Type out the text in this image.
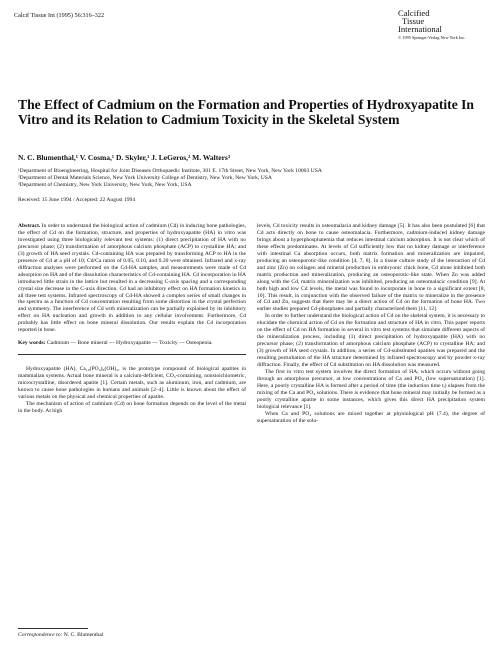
Calcif Tissue Int (1995) 56:316–322	Calcified
Tissue
International
© 1995 Springer-Verlag New York Inc.
The Effect of Cadmium on the Formation and Properties of Hydroxyapatite In Vitro and its Relation to Cadmium Toxicity in the Skeletal System
N. C. Blumenthal,¹ V. Cosma,¹ D. Skyler,¹ J. LeGeros,² M. Walters³
¹Department of Bioengineering, Hospital for Joint Diseases Orthopaedic Institute, 301 E. 17th Street, New York, New York 10003 USA
²Department of Dental Materials Science, New York University College of Dentistry, New York, New York, USA
³Department of Chemistry, New York University, New York, New York, USA
Received: 15 June 1994 / Accepted: 22 August 1994

Abstract. In order to understand the biological action of cadmium (Cd) in inducing bone pathologies, the effect of Cd on the formation, structure, and properties of hydroxyapatite (HA) in vitro was investigated using three biologically relevant test systems: (1) direct precipitation of HA with no precursor phase; (2) transformation of amorphous calcium phosphate (ACP) to crystalline HA; and (3) growth of HA seed crystals. Cd-containing HA was prepared by transforming ACP to HA in the presence of Cd at a pH of 10; Cd/Ca ratios of 0.05, 0.10, and 0.20 were obtained. Infrared and x-ray diffraction analyses were performed on the Cd-HA samples, and measurements were made of Cd adsorption on HA and of the dissolution characteristics of Cd-containing HA. Cd incorporation in HA introduced little strain in the lattice but resulted in a decreasing C-axis spacing and a corresponding crystal size decrease in the C-axis direction. Cd had an inhibitory effect on HA formation kinetics in all three test systems. Infrared spectroscopy of Cd-HA showed a complex series of small changes in the spectra as a function of Cd concentration resulting from some distortion in the crystal perfection and symmetry. The interference of Cd with mineralization can be partially explained by its inhibitory effect on HA nucleation and growth in addition to any cellular involvement. Furthermore, Cd probably has little effect on bone mineral dissolution. Our results explain the Cd incorporation reported in bone.

Key words: Cadmium — Bone mineral — Hydroxyapatite — Toxicity — Osteopenia.

Hydroxyapatite (HA), Ca₁₀(PO₄)₆(OH)₂, is the prototype compound of biological apatites in mammalian systems. Actual bone mineral is a calcium-deficient, CO₃-containing, nonstoichiometric, microcrystalline, disordered apatite [1]. Certain metals, such as aluminum, iron, and cadmium, are known to cause bone pathologies in humans and animals [2–4]. Little is known about the effect of various metals on the physical and chemical properties of apatite.

The mechanism of action of cadmium (Cd) on bone formation depends on the level of the metal in the body. At high

levels, Cd toxicity results in osteomalacia and kidney damage [5]. It has also been postulated [6] that Cd acts directly on bone to cause osteomalacia. Furthermore, cadmium-induced kidney damage brings about a hyperphosphatemia that reduces intestinal calcium adsorption. It is not clear which of these effects predominates. At levels of Cd sufficiently low that no kidney damage or interference with intestinal Ca absorption occurs, both matrix formation and mineralization are impaired, producing an osteoporotic-like condition [4, 7, 8]. In a tissue culture study of the interaction of Cd and zinc (Zn) on collagen and mineral production in embryonic chick bone, Cd alone inhibited both matrix production and mineralization, producing an osteoporotic-like state. When Zn was added along with the Cd, matrix mineralization was inhibited, producing an osteomalacic condition [9]. At both high and low Cd levels, the metal was found to incorporate in bone to a significant extent [8, 10]. This result, in conjunction with the observed failure of the matrix to mineralize in the presence of Cd and Zn, suggests that there may be a direct action of Cd on the formation of bone HA. Two earlier studies prepared Cd-phosphates and partially characterized them [11, 12].

In order to further understand the biological action of Cd on the skeletal system, it is necessary to elucidate the chemical action of Cd on the formation and structure of HA in vitro. This paper reports on the effect of Cd on HA formation in several in vitro test systems that simulate different aspects of the mineralization process, including (1) direct precipitation of hydroxyapatite (HA) with no precursor phase; (2) transformation of amorphous calcium phosphate (ACP) to crystalline HA; and (3) growth of HA seed crystals. In addition, a series of Cd-substituted apatites was prepared and the resulting perturbation of the HA structure determined by infrared spectroscopy and by powder x-ray diffraction. Finally, the effect of Cd substitution on HA dissolution was measured.

The first in vitro test system involves the direct formation of HA, which occurs without going through an amorphous precursor, at low concentrations of Ca and PO₄ (low supersaturation) [1]. Here, a poorly crystalline HA is formed after a period of time (the induction time tᵢ) elapses from the mixing of the Ca and PO₄ solutions. There is evidence that bone mineral may initially be formed as a poorly crystalline apatite in some instances, which gives this direct HA precipitation system biological relevance [1].

When Ca and PO₄ solutions are mixed together at physiological pH (7.4), the degree of supersaturation of the solu-

Correspondence to: N. C. Blumenthal
